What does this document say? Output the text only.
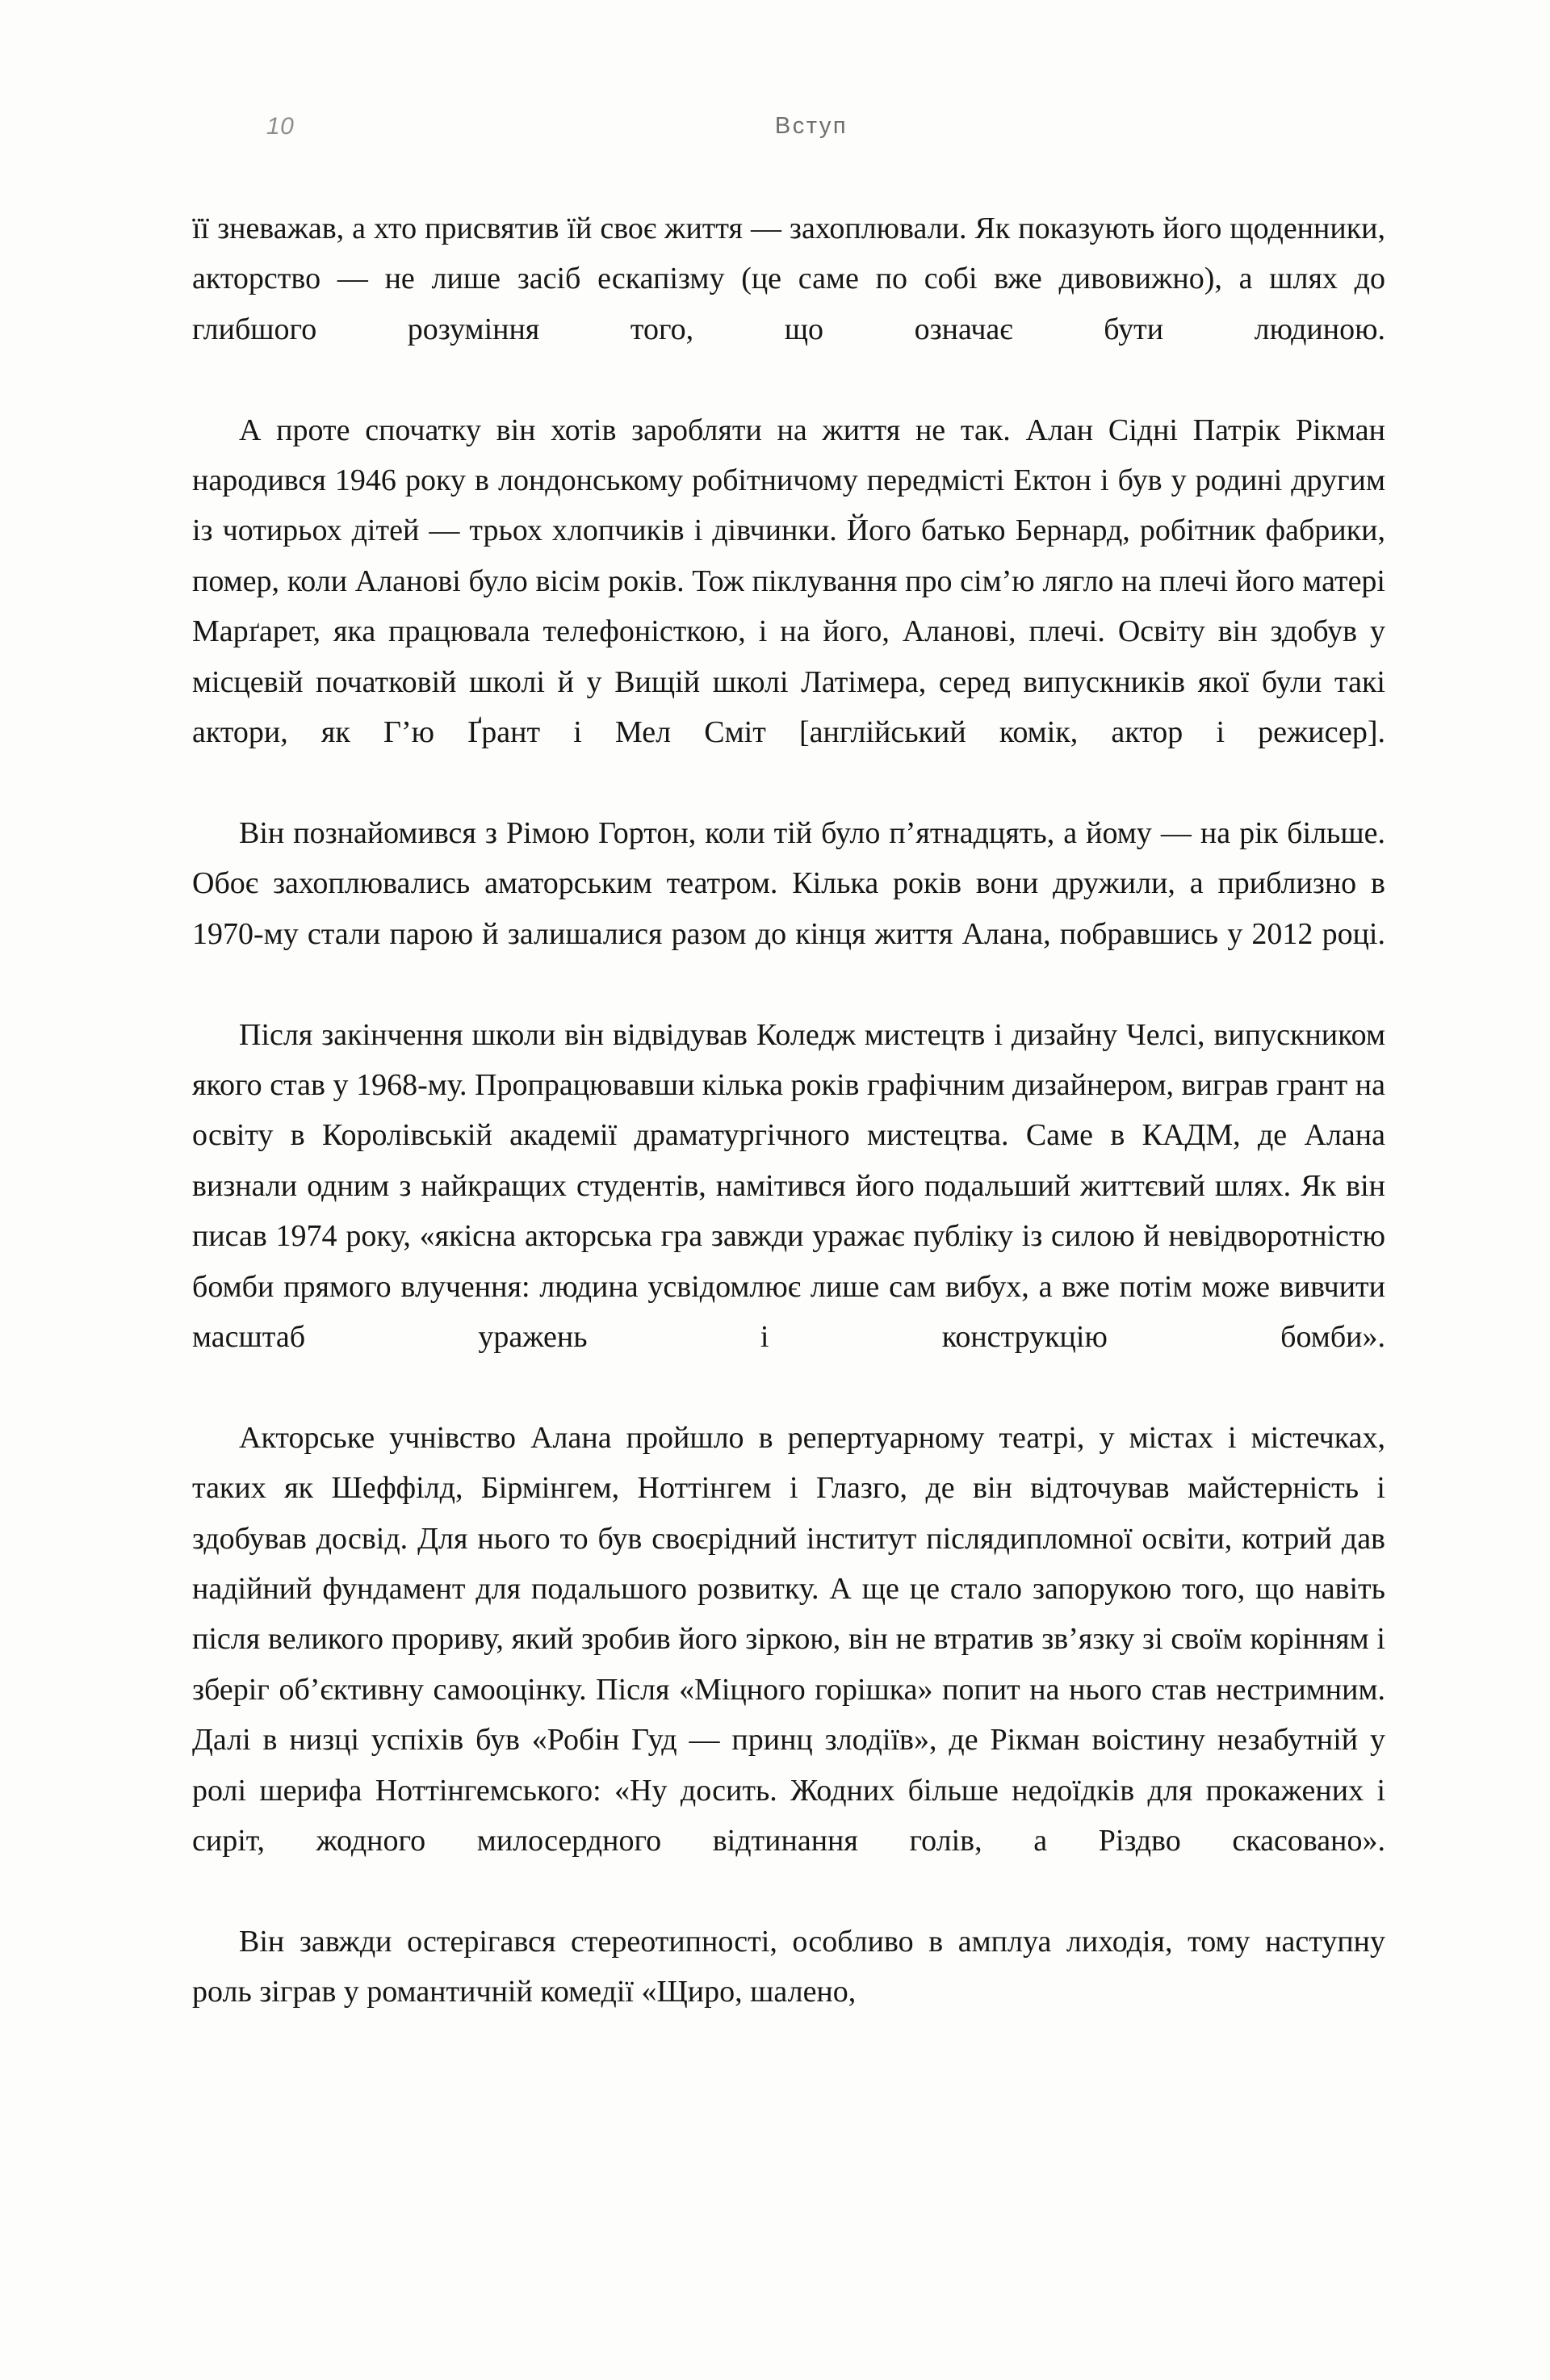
10	Вступ

її зневажав, а хто присвятив їй своє життя — захоплювали. Як показують його щоденники, акторство — не лише засіб ескапізму (це саме по собі вже дивовижно), а шлях до глибшого розуміння того, що означає бути людиною.

А проте спочатку він хотів заробляти на життя не так. Алан Сідні Патрік Рікман народився 1946 року в лондонському робітничому передмісті Ектон і був у родині другим із чотирьох дітей — трьох хлопчиків і дівчинки. Його батько Бернард, робітник фабрики, помер, коли Аланові було вісім років. Тож піклування про сім’ю лягло на плечі його матері Марґарет, яка працювала телефоністкою, і на його, Аланові, плечі. Освіту він здобув у місцевій початковій школі й у Вищій школі Латімера, серед випускників якої були такі актори, як Г’ю Ґрант і Мел Сміт [англійський комік, актор і режисер].

Він познайомився з Рімою Гортон, коли тій було п’ятнадцять, а йому — на рік більше. Обоє захоплювались аматорським театром. Кілька років вони дружили, а приблизно в 1970-му стали парою й залишалися разом до кінця життя Алана, побравшись у 2012 році.

Після закінчення школи він відвідував Коледж мистецтв і дизайну Челсі, випускником якого став у 1968-му. Пропрацювавши кілька років графічним дизайнером, виграв грант на освіту в Королівській академії драматургічного мистецтва. Саме в КАДМ, де Алана визнали одним з найкращих студентів, намітився його подальший життєвий шлях. Як він писав 1974 року, «якісна акторська гра завжди уражає публіку із силою й невідворотністю бомби прямого влучення: людина усвідомлює лише сам вибух, а вже потім може вивчити масштаб уражень і конструкцію бомби».

Акторське учнівство Алана пройшло в репертуарному театрі, у містах і містечках, таких як Шеффілд, Бірмінгем, Ноттінгем і Глазго, де він відточував майстерність і здобував досвід. Для нього то був своєрідний інститут післядипломної освіти, котрий дав надійний фундамент для подальшого розвитку. А ще це стало запорукою того, що навіть після великого прориву, який зробив його зіркою, він не втратив зв’язку зі своїм корінням і зберіг об’єктивну самооцінку. Після «Міцного горішка» попит на нього став нестримним. Далі в низці успіхів був «Робін Гуд — принц злодіїв», де Рікман воістину незабутній у ролі шерифа Ноттінгемського: «Ну досить. Жодних більше недоїдків для прокажених і сиріт, жодного милосердного відтинання голів, а Різдво скасовано».

Він завжди остерігався стереотипності, особливо в амплуа лиходія, тому наступну роль зіграв у романтичній комедії «Щиро, шалено,
